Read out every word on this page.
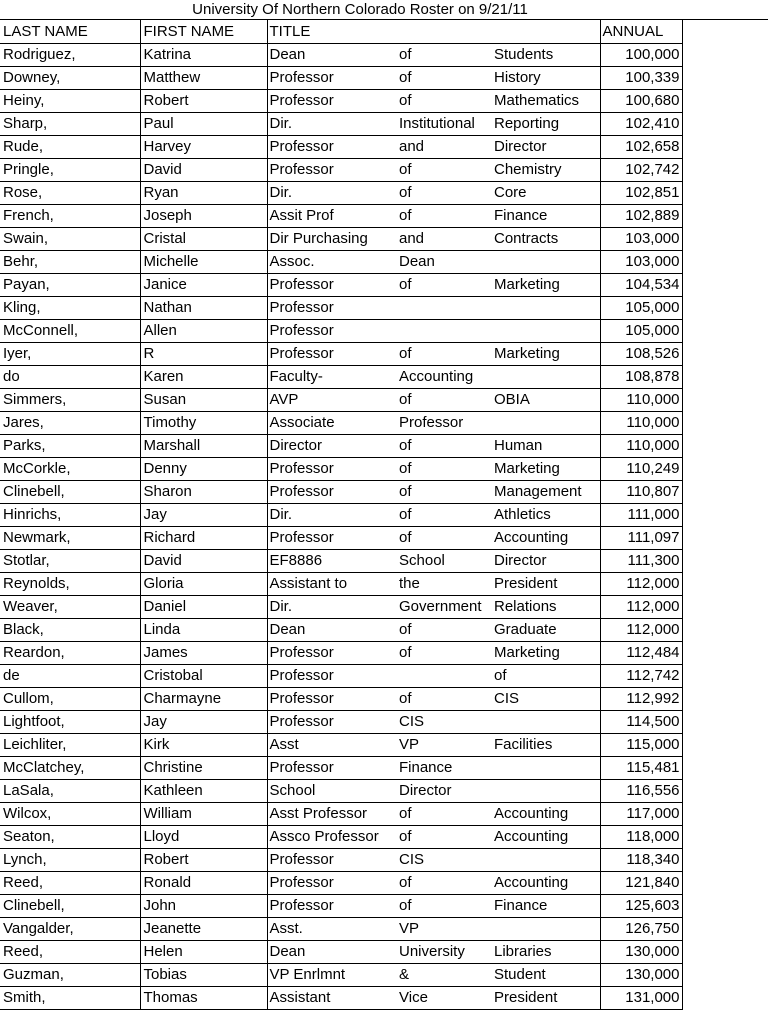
University Of Northern Colorado Roster on 9/21/11
LAST NAME	FIRST NAME	TITLE			ANNUAL
Rodriguez,	Katrina	Dean	of	Students	100,000
Downey,	Matthew	Professor	of	History	100,339
Heiny,	Robert	Professor	of	Mathematics	100,680
Sharp,	Paul	Dir.	Institutional	Reporting	102,410
Rude,	Harvey	Professor	and	Director	102,658
Pringle,	David	Professor	of	Chemistry	102,742
Rose,	Ryan	Dir.	of	Core	102,851
French,	Joseph	Assit Prof	of	Finance	102,889
Swain,	Cristal	Dir Purchasing	and	Contracts	103,000
Behr,	Michelle	Assoc.	Dean		103,000
Payan,	Janice	Professor	of	Marketing	104,534
Kling,	Nathan	Professor			105,000
McConnell,	Allen	Professor			105,000
Iyer,	R	Professor	of	Marketing	108,526
do	Karen	Faculty-	Accounting		108,878
Simmers,	Susan	AVP	of	OBIA	110,000
Jares,	Timothy	Associate	Professor		110,000
Parks,	Marshall	Director	of	Human	110,000
McCorkle,	Denny	Professor	of	Marketing	110,249
Clinebell,	Sharon	Professor	of	Management	110,807
Hinrichs,	Jay	Dir.	of	Athletics	111,000
Newmark,	Richard	Professor	of	Accounting	111,097
Stotlar,	David	EF8886	School	Director	111,300
Reynolds,	Gloria	Assistant to	the	President	112,000
Weaver,	Daniel	Dir.	Government	Relations	112,000
Black,	Linda	Dean	of	Graduate	112,000
Reardon,	James	Professor	of	Marketing	112,484
de	Cristobal	Professor		of	112,742
Cullom,	Charmayne	Professor	of	CIS	112,992
Lightfoot,	Jay	Professor	CIS		114,500
Leichliter,	Kirk	Asst	VP	Facilities	115,000
McClatchey,	Christine	Professor	Finance		115,481
LaSala,	Kathleen	School	Director		116,556
Wilcox,	William	Asst Professor	of	Accounting	117,000
Seaton,	Lloyd	Assco Professor	of	Accounting	118,000
Lynch,	Robert	Professor	CIS		118,340
Reed,	Ronald	Professor	of	Accounting	121,840
Clinebell,	John	Professor	of	Finance	125,603
Vangalder,	Jeanette	Asst.	VP		126,750
Reed,	Helen	Dean	University	Libraries	130,000
Guzman,	Tobias	VP Enrlmnt	&	Student	130,000
Smith,	Thomas	Assistant	Vice	President	131,000
